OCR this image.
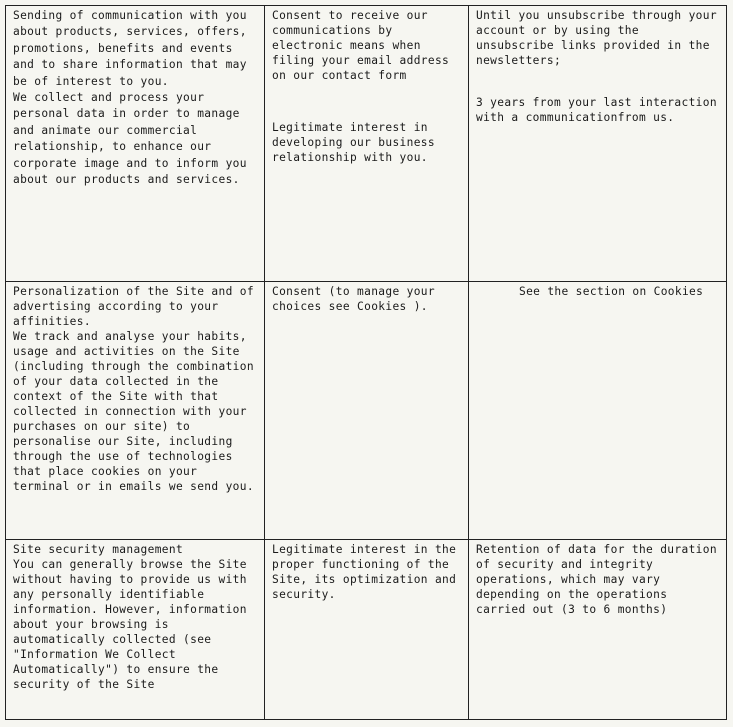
Sending of communication with you about products, services, offers, promotions, benefits and events and to share information that may be of interest to you.

We collect and process your personal data in order to manage and animate our commercial relationship, to enhance our corporate image and to inform you about our products and services.

Consent to receive our communications by electronic means when filing your email address on our contact form

Legitimate interest in developing our business relationship with you.

Until you unsubscribe through your account or by using the unsubscribe links provided in the newsletters;

3 years from your last interaction with a communicationfrom us.

Personalization of the Site and of advertising according to your affinities.

We track and analyse your habits, usage and activities on the Site (including through the combination of your data collected in the context of the Site with that collected in connection with your purchases on our site) to personalise our Site, including through the use of technologies that place cookies on your terminal or in emails we send you.

Consent (to manage your choices see Cookies ).

See the section on Cookies

Site security management

You can generally browse the Site without having to provide us with any personally identifiable information. However, information about your browsing is automatically collected (see "Information We Collect Automatically") to ensure the security of the Site

Legitimate interest in the proper functioning of the Site, its optimization and security.

Retention of data for the duration of security and integrity operations, which may vary depending on the operations carried out (3 to 6 months)
